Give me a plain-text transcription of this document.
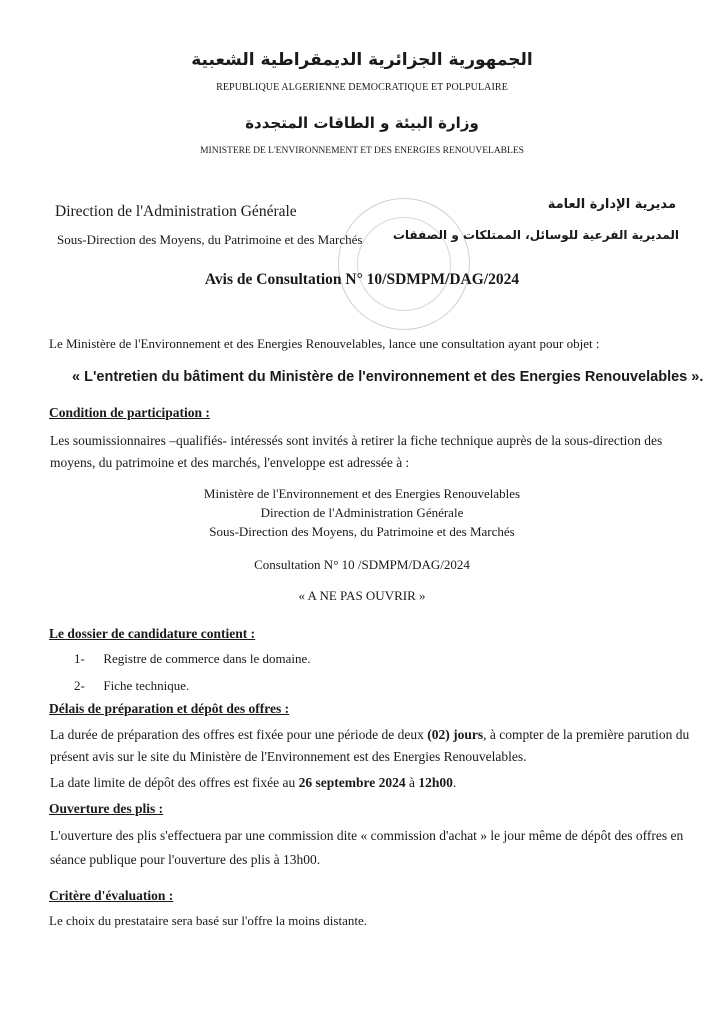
الجمهورية الجزائرية الديمقراطية الشعبية
REPUBLIQUE ALGERIENNE DEMOCRATIQUE ET POLPULAIRE
وزارة البيئة و الطاقات المتجددة
MINISTERE DE L'ENVIRONNEMENT ET DES ENERGIES RENOUVELABLES
Direction de l'Administration Générale
Sous-Direction des Moyens, du Patrimoine et des Marchés
مديرية الإدارة العامة
المديرية الفرعية للوسائل، الممتلكات و الصفقات
Avis de Consultation N° 10/SDMPM/DAG/2024
Le Ministère de l'Environnement et des Energies Renouvelables, lance une consultation ayant pour objet :
« L'entretien du bâtiment du Ministère de l'environnement et des Energies Renouvelables ».
Condition de participation :

Les soumissionnaires –qualifiés- intéressés sont invités à retirer la fiche technique auprès de la sous-direction des moyens, du patrimoine et des marchés, l'enveloppe est adressée à :

Ministère de l'Environnement et des Energies Renouvelables
Direction de l'Administration Générale
Sous-Direction des Moyens, du Patrimoine et des Marchés
Consultation N° 10 /SDMPM/DAG/2024
« A NE PAS OUVRIR »
Le dossier de candidature contient :
1- Registre de commerce dans le domaine.
2- Fiche technique.
Délais de préparation et dépôt des offres :

La durée de préparation des offres est fixée pour une période de deux (02) jours, à compter de la première parution du présent avis sur le site du Ministère de l'Environnement est des Energies Renouvelables.

La date limite de dépôt des offres est fixée au 26 septembre 2024 à 12h00.

Ouverture des plis :

L'ouverture des plis s'effectuera par une commission dite « commission d'achat » le jour même de dépôt des offres en séance publique pour l'ouverture des plis à 13h00.

Critère d'évaluation :
Le choix du prestataire sera basé sur l'offre la moins distante.
